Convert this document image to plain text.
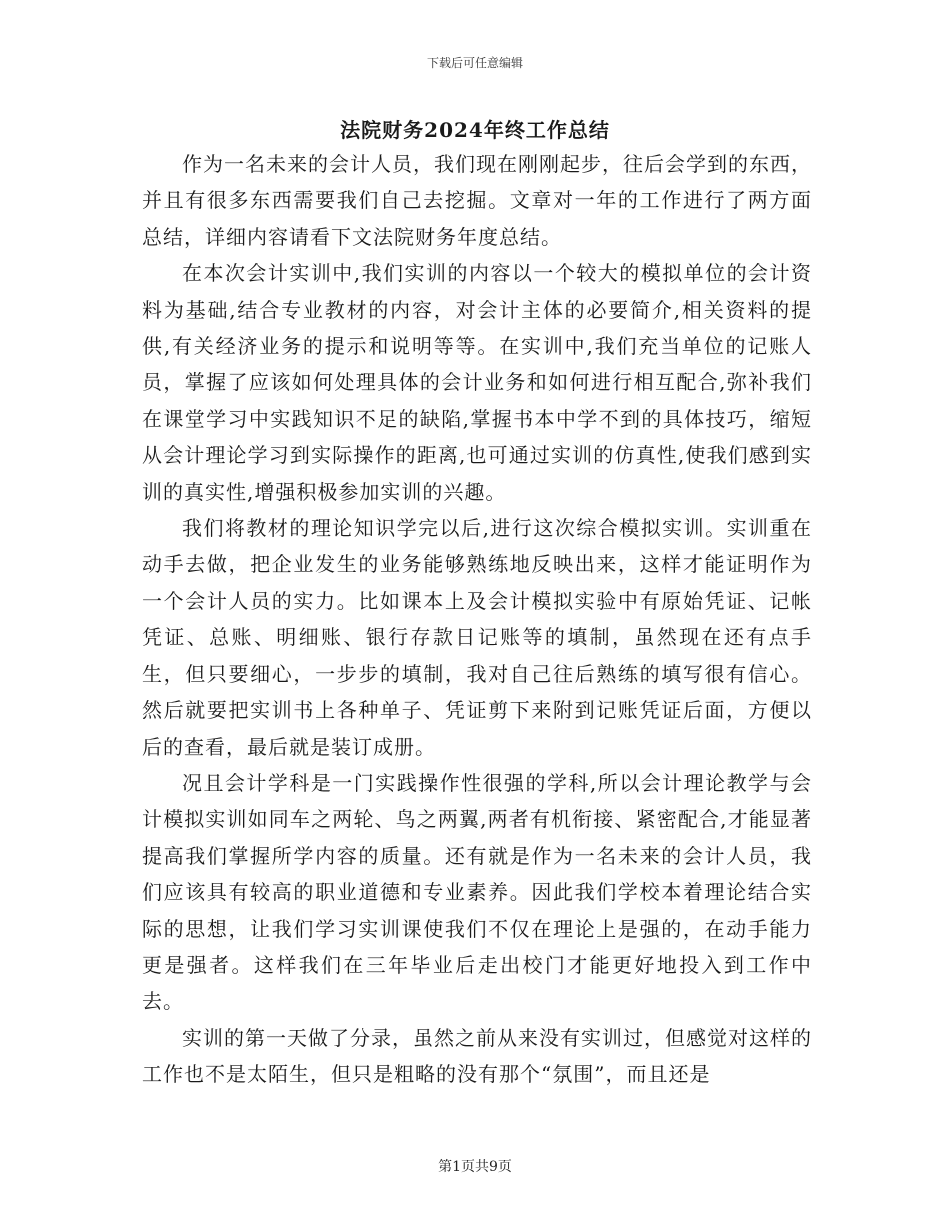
下载后可任意编辑
法院财务2024年终工作总结

作为一名未来的会计人员，我们现在刚刚起步，往后会学到的东西，并且有很多东西需要我们自己去挖掘。文章对一年的工作进行了两方面总结，详细内容请看下文法院财务年度总结。

在本次会计实训中,我们实训的内容以一个较大的模拟单位的会计资料为基础,结合专业教材的内容，对会计主体的必要简介,相关资料的提供,有关经济业务的提示和说明等等。在实训中,我们充当单位的记账人员，掌握了应该如何处理具体的会计业务和如何进行相互配合,弥补我们在课堂学习中实践知识不足的缺陷,掌握书本中学不到的具体技巧，缩短从会计理论学习到实际操作的距离,也可通过实训的仿真性,使我们感到实训的真实性,增强积极参加实训的兴趣。

我们将教材的理论知识学完以后,进行这次综合模拟实训。实训重在动手去做，把企业发生的业务能够熟练地反映出来，这样才能证明作为一个会计人员的实力。比如课本上及会计模拟实验中有原始凭证、记帐凭证、总账、明细账、银行存款日记账等的填制，虽然现在还有点手生，但只要细心，一步步的填制，我对自己往后熟练的填写很有信心。然后就要把实训书上各种单子、凭证剪下来附到记账凭证后面，方便以后的查看，最后就是装订成册。

况且会计学科是一门实践操作性很强的学科,所以会计理论教学与会计模拟实训如同车之两轮、鸟之两翼,两者有机衔接、紧密配合,才能显著提高我们掌握所学内容的质量。还有就是作为一名未来的会计人员，我们应该具有较高的职业道德和专业素养。因此我们学校本着理论结合实际的思想，让我们学习实训课使我们不仅在理论上是强的，在动手能力更是强者。这样我们在三年毕业后走出校门才能更好地投入到工作中去。

实训的第一天做了分录，虽然之前从来没有实训过，但感觉对这样的工作也不是太陌生，但只是粗略的没有那个“氛围”，而且还是

第1页共9页
